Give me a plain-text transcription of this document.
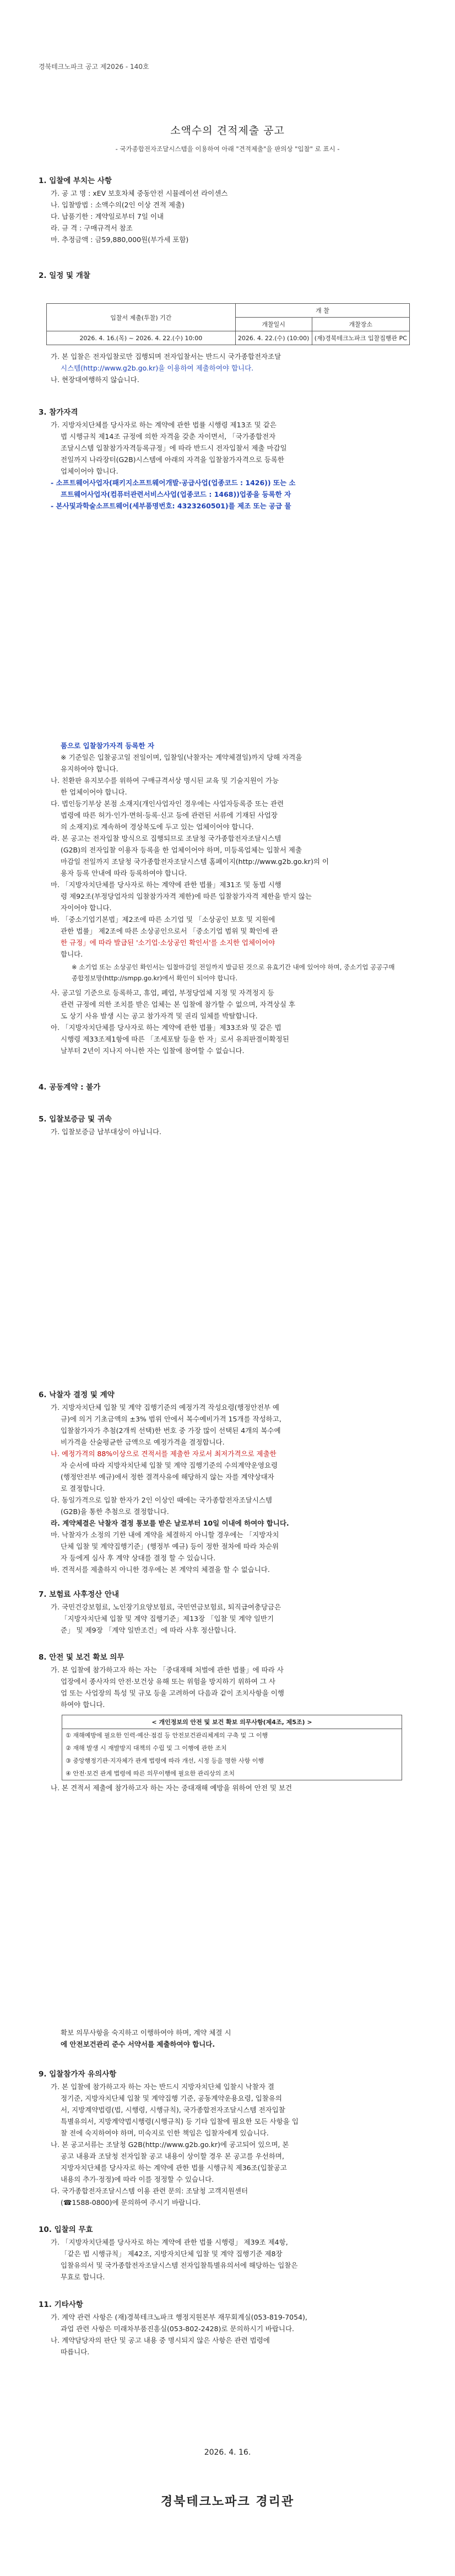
경북테크노파크 공고 제2026 - 140호
소액수의 견적제출 공고
- 국가종합전자조달시스템을 이용하여 아래 "견적제출"을 판의상 "입찰" 로 표시 -
1. 입찰에 부치는 사항
가. 공 고 명 : xEV 보호차체 중동안전 시뮬레이션 라이센스
나. 입찰방법 : 소액수의(2인 이상 견적 제출)
다. 납품기한 : 계약일로부터 7일 이내
라. 규 격 : 구매규격서 참조
마. 추정금액 : 금59,880,000원(부가세 포함)
2. 일정 및 개찰
입찰서 제출(투찰) 기간	개 찰	
	개찰일시	개찰장소
2026. 4. 16.(목) ~ 2026. 4. 22.(수) 10:00	2026. 4. 22.(수) (10:00)	(재)경북테크노파크 입찰집행관 PC
가. 본 입찰은 전자입찰로만 집행되며 전자입찰서는 반드시 국가종합전자조달
시스템(http://www.g2b.go.kr)을 이용하여 제출하여야 합니다.
나. 현장대여행하지 않습니다.
3. 참가자격
가. 지방자치단체를 당사자로 하는 계약에 관한 법률 시행령 제13조 및 같은
법 시행규칙 제14조 규정에 의한 자격을 갖춘 자이면서, 「국가종합전자
조달시스템 입찰참가자격등록규정」에 따라 반드시 전자입찰서 제출 마감일
전일까지 나라장터(G2B)시스템에 아래의 자격을 입찰참가자격으로 등록한
업체이어야 합니다.
- 소프트웨어사업자(패키지소프트웨어개발·공급사업(업종코드 : 1426)) 또는 소
프트웨어사업자(컴퓨터관련서비스사업(업종코드 : 1468))업종을 등록한 자
- 본사및과학술소프트웨어(세부품명번호: 4323260501)를 제조 또는 공급 물
품으로 입찰참가자격 등록한 자
※ 기준일은 입찰공고일 전일이며, 입찰일(낙찰자는 계약체결일)까지 당해 자격을
유지하여야 합니다.
나. 친환판 유지보수를 위하여 구매규격서상 명시된 교육 및 기술지원이 가능
한 업체이어야 합니다.
다. 법인등기부상 본점 소재지(개인사업자인 경우에는 사업자등록증 또는 관련
법령에 따른 허가·인가·면허·등록·신고 등에 관련된 서류에 기재된 사업장
의 소재지)로 계속하여 경상북도에 두고 있는 업체이어야 합니다.
라. 본 공고는 전자입찰 방식으로 집행되므로 조달청 국가종합전자조달시스템
(G2B)의 전자입찰 이용자 등록을 한 업체이어야 하며, 미등록업체는 입찰서 제출
마감일 전일까지 조달청 국가종합전자조달시스템 홈페이지(http://www.g2b.go.kr)의 이
용자 등록 안내에 따라 등록하여야 합니다.
마. 「지방자치단체를 당사자로 하는 계약에 관한 법률」제31조 및 동법 시행
령 제92조(부정당업자의 입찰참가자격 제한)에 따른 입찰참가자격 제한을 받지 않는
자이어야 합니다.
바. 「중소기업기본법」제2조에 따른 소기업 및 「소상공인 보호 및 지원에
관한 법률」 제2조에 따른 소상공인으로서 「중소기업 범위 및 확인에 관
한 규정」에 따라 발급된 '소기업·소상공인 확인서'를 소지한 업체이어야
합니다.
※ 소기업 또는 소상공인 확인서는 입찰마감일 전일까지 발급된 것으로 유효기간 내에 있어야 하며, 중소기업 공공구매 종합정보망(http://smpp.go.kr)에서 확인이 되어야 합니다.
사. 공고일 기준으로 등록하고, 휴업, 폐업, 부정당업체 지정 및 자격정지 등
관련 규정에 의한 조치를 받은 업체는 본 입찰에 참가할 수 없으며, 자격상실 후
도 상기 사유 발생 시는 공고 참가자격 및 권리 일체를 박탈합니다.
아. 「지방자치단체를 당사자로 하는 계약에 관한 법률」제33조와 및 같은 법
시행령 제33조제1항에 따른 「조세포탈 등을 한 자」로서 유죄판결이확정된
날부터 2년이 지나지 아니한 자는 입찰에 참여할 수 없습니다.
4. 공동계약 : 불가
5. 입찰보증금 및 귀속
가. 입찰보증금 납부대상이 아닙니다.
6. 낙찰자 결정 및 계약
가. 지방자치단체 입찰 및 계약 집행기준의 예정가격 작성요령(행정안전부 예
규)에 의거 기초금액의 ±3% 범위 안에서 복수예비가격 15개를 작성하고,
입찰참가자가 추첨(2개씩 선택)한 번호 중 가장 많이 선택된 4개의 복수예
비가격을 산술평균한 금액으로 예정가격을 결정합니다.
나. 예정가격의 88%이상으로 견적서를 제출한 자로서 최저가격으로 제출한
자 순서에 따라 지방자치단체 입찰 및 계약 집행기준의 수의계약운영요령
(행정안전부 예규)에서 정한 결격사유에 해당하지 않는 자를 계약상대자
로 결정합니다.
다. 동일가격으로 입찰 한자가 2인 이상인 때에는 국가종합전자조달시스템
(G2B)을 통한 추첨으로 결정합니다.
라. 계약체결은 낙찰자 결정 통보를 받은 날로부터 10일 이내에 하여야 합니다.
마. 낙찰자가 소정의 기한 내에 계약을 체결하지 아니할 경우에는 「지방자치
단체 입찰 및 계약집행기준」(행정부 예규) 등이 정한 절차에 따라 차순위
자 등에게 심사 후 계약 상대를 결정 할 수 있습니다.
바. 견적서를 제출하지 아니한 경우에는 본 계약의 체결을 할 수 없습니다.
7. 보험료 사후정산 안내
가. 국민건강보험료, 노인장기요양보험료, 국민연금보험료, 퇴직급여충당금은
「지방자치단체 입찰 및 계약 집행기준」제13장 「입찰 및 계약 일반기
준」 및 제9장 「계약 일반조건」에 따라 사후 정산합니다.
8. 안전 및 보건 확보 의무
가. 본 입찰에 참가하고자 하는 자는 「중대재해 처벌에 관한 법률」에 따라 사
업장에서 종사자의 안전·보건상 유해 또는 위험을 방지하기 위하여 그 사
업 또는 사업장의 특성 및 규모 등을 고려하여 다음과 같이 조치사항을 이행
하여야 합니다.
< 개인정보의 안전 및 보건 확보 의무사항(제4조, 제5조) >
① 재해예방에 필요한 인력·예산·점검 등 안전보건관리체계의 구축 및 그 이행
② 재해 발생 시 재발방지 대책의 수립 및 그 이행에 관한 조치
③ 중앙행정기관·지자체가 관계 법령에 따라 개선, 시정 등을 명한 사항 이행
④ 안전·보건 관계 법령에 따른 의무이행에 필요한 관리상의 조치
나. 본 견적서 제출에 참가하고자 하는 자는 중대재해 예방을 위하여 안전 및 보건
확보 의무사항을 숙지하고 이행하여야 하며, 계약 체결 시
에 안전보건관리 준수 서약서를 제출하여야 합니다.
9. 입찰참가자 유의사항
가. 본 입찰에 참가하고자 하는 자는 반드시 지방자치단체 입찰시 낙찰자 결
정기준, 지방자치단체 입찰 및 계약집행 기준, 공동계약운용요령, 입찰유의
서, 지방계약법령(법, 시행령, 시행규칙), 국가종합전자조달시스템 전자입찰
특별유의서, 지방계약법시행령(시행규칙) 등 기타 입찰에 필요한 모든 사항을 입
찰 전에 숙지하여야 하며, 미숙지로 인한 책임은 입찰자에게 있습니다.
나. 본 공고서류는 조달청 G2B(http://www.g2b.go.kr)에 공고되어 있으며, 본
공고 내용과 조달청 전자입찰 공고 내용이 상이할 경우 본 공고를 우선하며,
지방자치단체를 당사자로 하는 계약에 관한 법률 시행규칙 제36조(입찰공고
내용의 추가·정정)에 따라 이를 정정할 수 있습니다.
다. 국가종합전자조달시스템 이용 관련 문의: 조달청 고객지원센터
(☎1588-0800)에 문의하여 주시기 바랍니다.
10. 입찰의 무효
가. 「지방자치단체를 당사자로 하는 계약에 관한 법률 시행령」 제39조 제4항,
「같은 법 시행규칙」 제42조, 지방자치단체 입찰 및 계약 집행기준 제8장
입찰유의서 및 국가종합전자조달시스템 전자입찰특별유의서에 해당하는 입찰은
무효로 합니다.
11. 기타사항
가. 계약 관련 사항은 (재)경북테크노파크 행정지원본부 재무회계실(053-819-7054),
과업 관련 사항은 미래차부품진흥실(053-802-2428)로 문의하시기 바랍니다.
나. 계약담당자의 판단 및 공고 내용 중 명시되지 않은 사항은 관련 법령에
따릅니다.
2026. 4. 16.
경북테크노파크 경리관
